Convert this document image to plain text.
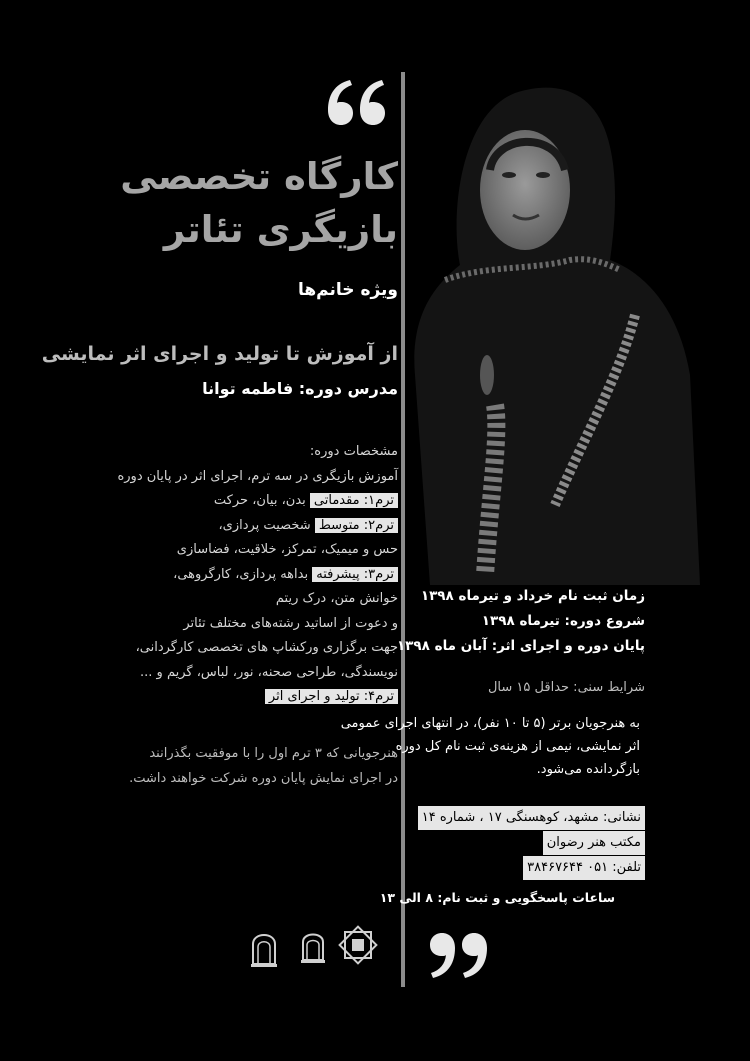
کارگاه تخصصی
بازیگری تئاتر
ویژه خانم‌ها
از آموزش تا تولید و اجرای اثر نمایشی
مدرس دوره: فاطمه توانا
مشخصات دوره:
آموزش بازیگری در سه ترم، اجرای اثر در پایان دوره
ترم۱: مقدماتی بدن، بیان، حرکت
ترم۲: متوسط شخصیت پردازی،
حس و میمیک، تمرکز، خلاقیت، فضاسازی
ترم۳: پیشرفته بداهه پردازی، کارگروهی،
خوانش متن، درک ریتم
و دعوت از اساتید رشته‌های مختلف تئاتر
جهت برگزاری ورکشاپ های تخصصی کارگردانی،
نویسندگی، طراحی صحنه، نور، لباس، گریم و ...
ترم۴: تولید و اجرای اثر
هنرجویانی که ۳ ترم اول را با موفقیت بگذرانند
در اجرای نمایش پایان دوره شرکت خواهند داشت.
زمان ثبت نام خرداد و تیرماه ۱۳۹۸
شروع دوره: تیرماه ۱۳۹۸
پایان دوره و اجرای اثر: آبان ماه ۱۳۹۸
شرایط سنی: حداقل ۱۵ سال
به هنرجویان برتر (۵ تا ۱۰ نفر)، در انتهای اجرای عمومی
اثر نمایشی، نیمی از هزینه‌ی ثبت نام کل دوره
بازگردانده می‌شود.
نشانی: مشهد، کوهسنگی ۱۷ ، شماره ۱۴
مکتب هنر رضوان
تلفن: ۰۵۱ ۳۸۴۶۷۶۴۴
ساعات پاسخگویی و ثبت نام: ۸ الی ۱۳
